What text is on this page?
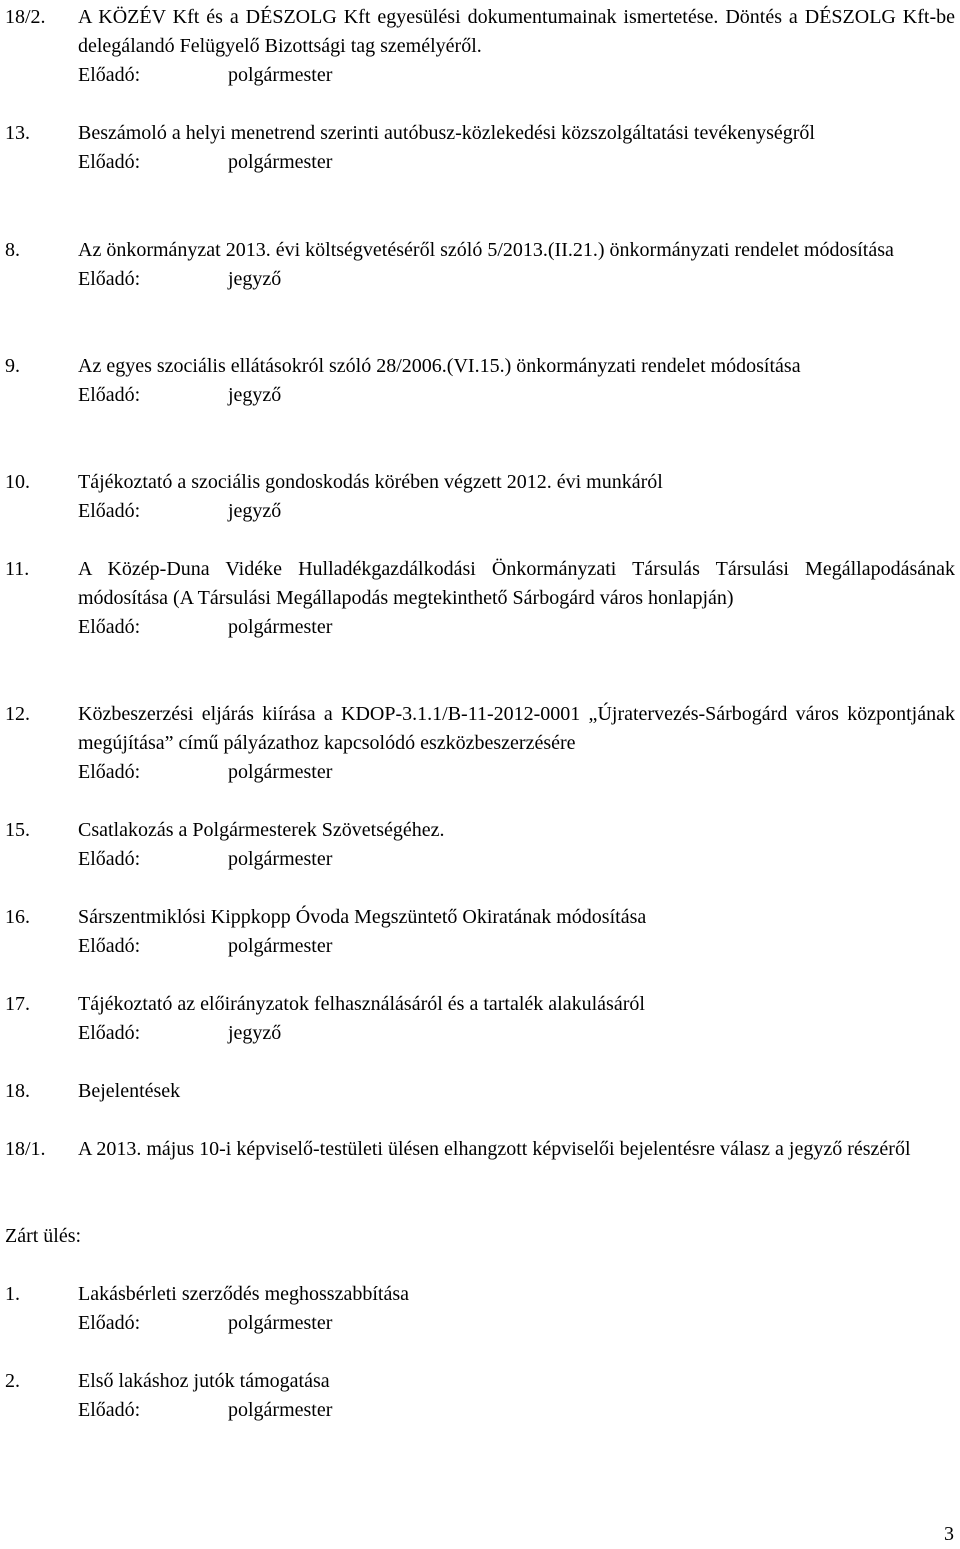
18/2. A KÖZÉV Kft és a DÉSZOLG Kft egyesülési dokumentumainak ismertetése. Döntés a DÉSZOLG Kft-be delegálandó Felügyelő Bizottsági tag személyéről.
Előadó:	polgármester
13. Beszámoló a helyi menetrend szerinti autóbusz-közlekedési közszolgáltatási tevékenységről
Előadó:	polgármester
8.	Az önkormányzat 2013. évi költségvetéséről szóló 5/2013.(II.21.) önkormányzati rendelet módosítása
Előadó:	jegyző
9.	Az egyes szociális ellátásokról szóló 28/2006.(VI.15.) önkormányzati rendelet módosítása
Előadó:	jegyző
10. Tájékoztató a szociális gondoskodás körében végzett 2012. évi munkáról
Előadó:	jegyző
11. A Közép-Duna Vidéke Hulladékgazdálkodási Önkormányzati Társulás Társulási Megállapodásának módosítása (A Társulási Megállapodás megtekinthető Sárbogárd város honlapján)
Előadó:	polgármester
12. Közbeszerzési eljárás kiírása a KDOP-3.1.1/B-11-2012-0001 „Újratervezés-Sárbogárd város központjának megújítása” című pályázathoz kapcsolódó eszközbeszerzésére
Előadó:	polgármester
15. Csatlakozás a Polgármesterek Szövetségéhez.
Előadó:	polgármester
16. Sárszentmiklósi Kippkopp Óvoda Megszüntető Okiratának módosítása
Előadó:	polgármester
17. Tájékoztató az előirányzatok felhasználásáról és a tartalék alakulásáról
Előadó:	jegyző
18. Bejelentések
18/1. A 2013. május 10-i képviselő-testületi ülésen elhangzott képviselői bejelentésre válasz a jegyző részéről
Zárt ülés:
1.	Lakásbérleti szerződés meghosszabbítása
Előadó:	polgármester
2.	Első lakáshoz jutók támogatása
Előadó:	polgármester
3
